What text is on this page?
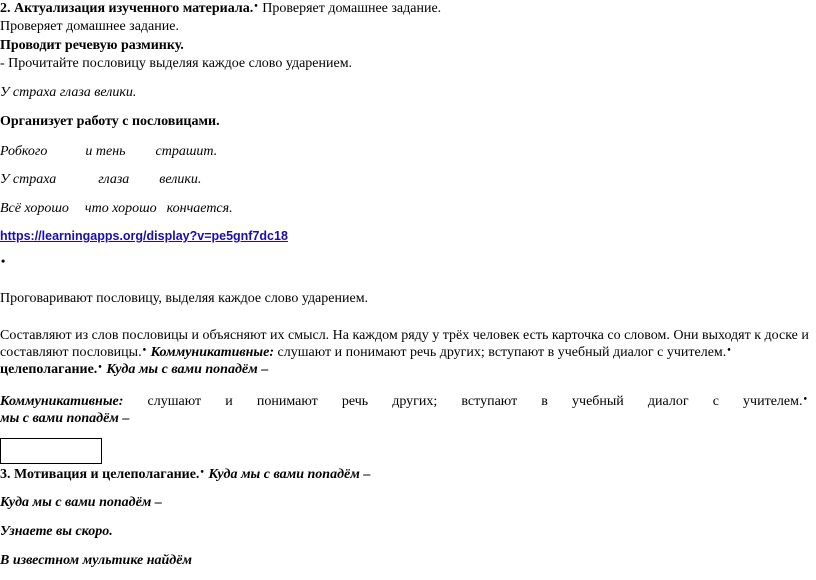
2. Актуализация изученного материала.• Проверяет домашнее задание.
Проверяет домашнее задание.
Проводит речевую разминку.
- Прочитайте пословицу выделяя каждое слово ударением.
У страха глаза велики.
Организует работу с пословицами.
Робкого	и тень страшит.
У страха	глаза велики.
Всё хорошо что хорошо кончается.
https://learningapps.org/display?v=pe5gnf7dc18
•
Проговаривают пословицу, выделяя каждое слово ударением.
Составляют из слов пословицы и объясняют их смысл. На каждом ряду у трёх человек есть карточка со словом. Они выходят к доске и
составляют пословицы.• Коммуникативные: слушают и понимают речь других; вступают в учебный диалог с учителем.•
целеполагание.• Куда мы с вами попадём –
Коммуникативные: слушают и понимают речь других; вступают в учебный диалог с учителем.•
мы с вами попадём –
3. Мотивация и целеполагание.• Куда мы с вами попадём –
Куда мы с вами попадём –
Узнаете вы скоро.
В известном мультике найдём
